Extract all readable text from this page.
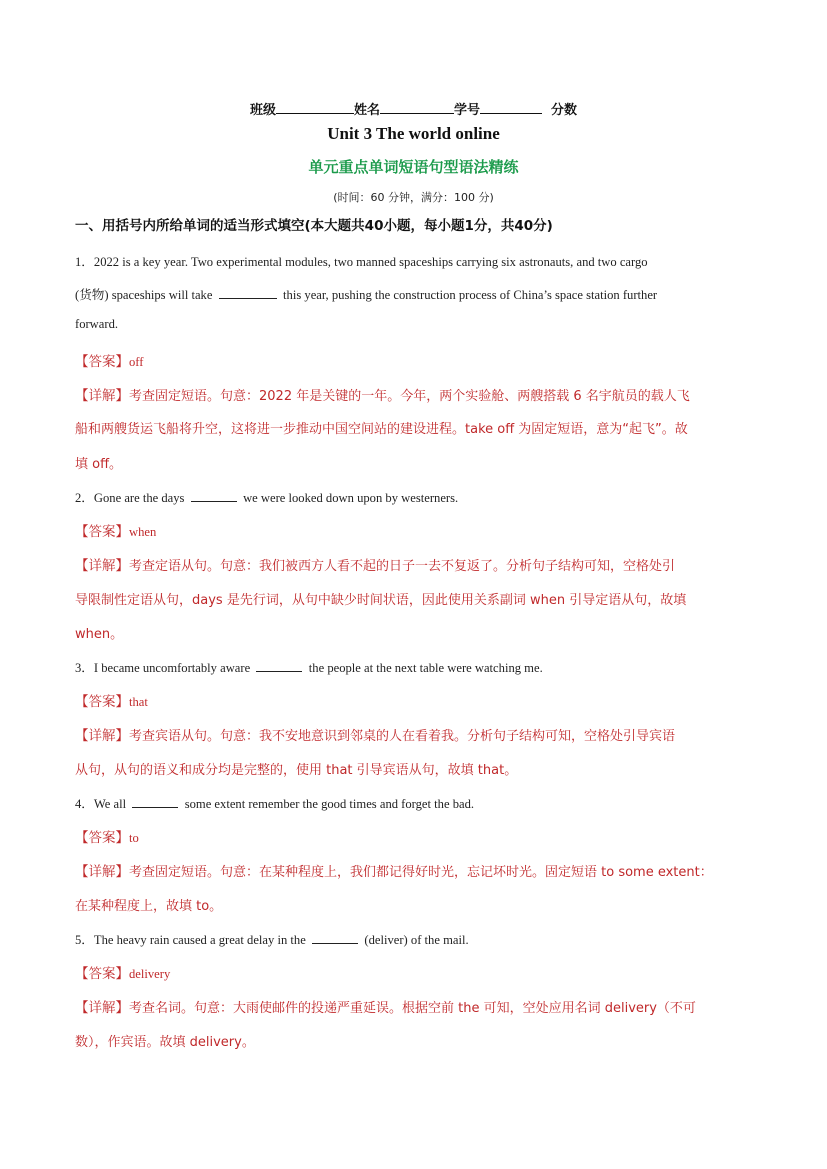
班级	姓名	学号	分数
Unit 3 The world online
单元重点单词短语句型语法精练
(时间：60 分钟，满分：100 分)
一、用括号内所给单词的适当形式填空(本大题共40小题，每小题1分，共40分)
1．2022 is a key year. Two experimental modules, two manned spaceships carrying six astronauts, and two cargo
(货物) spaceships will take	this year, pushing the construction process of China’s space station further
forward.
【答案】off
【详解】考查固定短语。句意：2022 年是关键的一年。今年，两个实验舱、两艘搭载 6 名宇航员的载人飞
船和两艘货运飞船将升空，这将进一步推动中国空间站的建设进程。take off 为固定短语，意为“起飞”。故
填 off。
2．Gone are the days	we were looked down upon by westerners.
【答案】when
【详解】考查定语从句。句意：我们被西方人看不起的日子一去不复返了。分析句子结构可知，空格处引
导限制性定语从句，days 是先行词，从句中缺少时间状语，因此使用关系副词 when 引导定语从句，故填
when。
3．I became uncomfortably aware	the people at the next table were watching me.
【答案】that
【详解】考查宾语从句。句意：我不安地意识到邻桌的人在看着我。分析句子结构可知，空格处引导宾语
从句，从句的语义和成分均是完整的，使用 that 引导宾语从句，故填 that。
4．We all	some extent remember the good times and forget the bad.
【答案】to
【详解】考查固定短语。句意：在某种程度上，我们都记得好时光，忘记坏时光。固定短语 to some extent：
在某种程度上，故填 to。
5．The heavy rain caused a great delay in the	(deliver) of the mail.
【答案】delivery
【详解】考查名词。句意：大雨使邮件的投递严重延误。根据空前 the 可知，空处应用名词 delivery（不可
数），作宾语。故填 delivery。
